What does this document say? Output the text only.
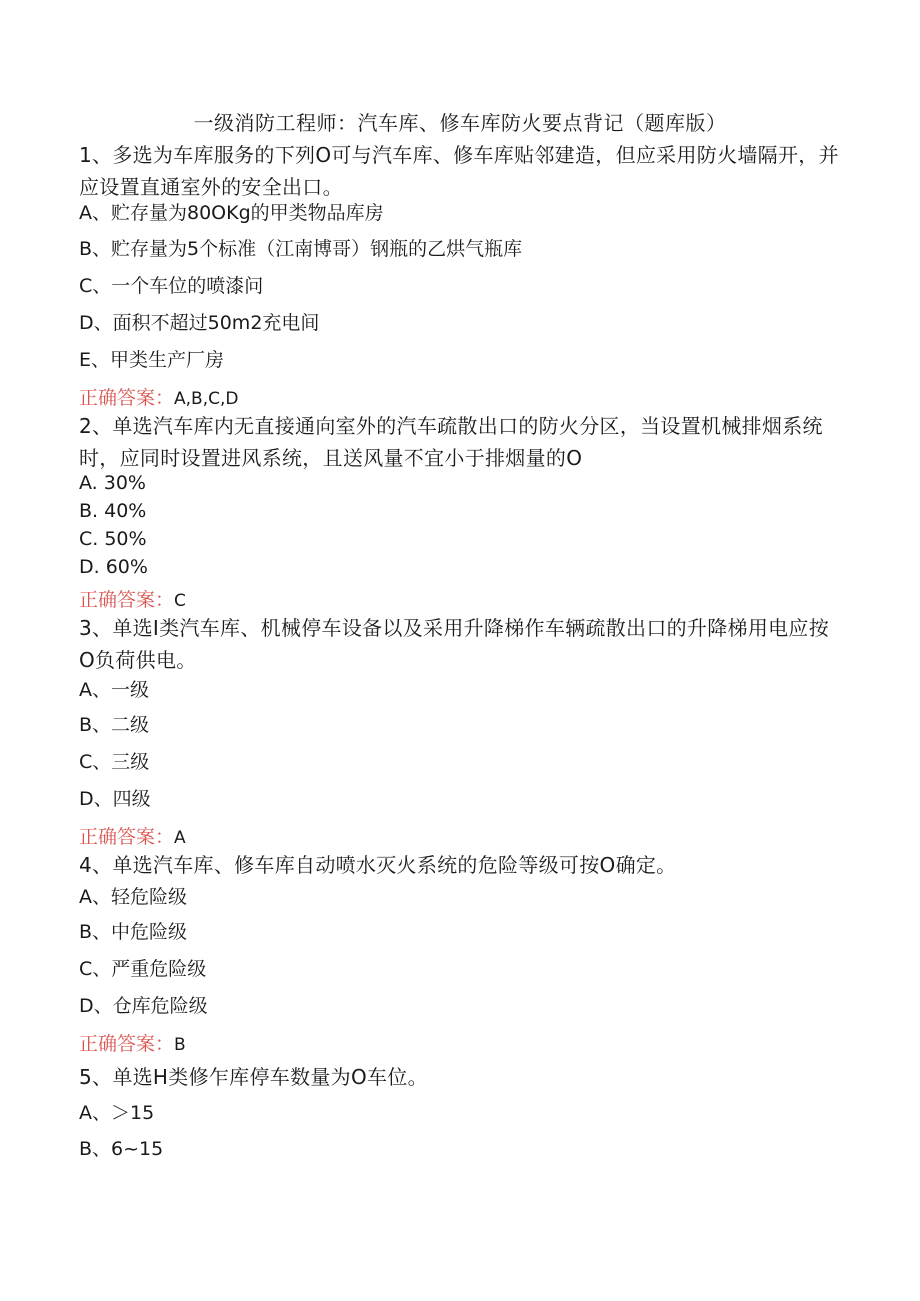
一级消防工程师：汽车库、修车库防火要点背记（题库版）
1、多选为车库服务的下列O可与汽车库、修车库贴邻建造，但应采用防火墙隔开，并应设置直通室外的安全出口。
A、贮存量为80OKg的甲类物品库房
B、贮存量为5个标准（江南博哥）钢瓶的乙烘气瓶库
C、一个车位的喷漆问
D、面积不超过50m2充电间
E、甲类生产厂房
正确答案：A,B,C,D
2、单选汽车库内无直接通向室外的汽车疏散出口的防火分区，当设置机械排烟系统时，应同时设置进风系统，且送风量不宜小于排烟量的O
A. 30%
B. 40%
C. 50%
D. 60%
正确答案：C
3、单选I类汽车库、机械停车设备以及采用升降梯作车辆疏散出口的升降梯用电应按O负荷供电。
A、一级
B、二级
C、三级
D、四级
正确答案：A
4、单选汽车库、修车库自动喷水灭火系统的危险等级可按O确定。
A、轻危险级
B、中危险级
C、严重危险级
D、仓库危险级
正确答案：B
5、单选H类修乍库停车数量为O车位。
A、＞15
B、6~15
